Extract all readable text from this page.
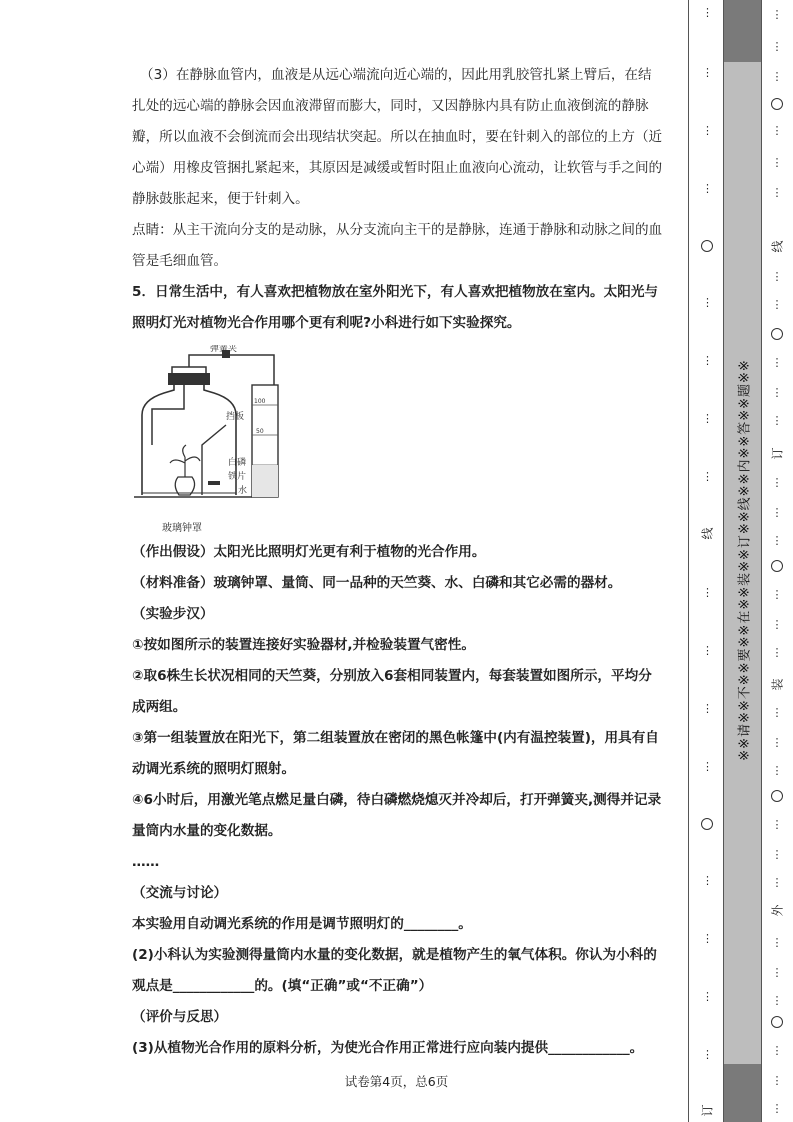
（3）在静脉血管内，血液是从远心端流向近心端的，因此用乳胶管扎紧上臂后，在结扎处的远心端的静脉会因血液滞留而膨大，同时，又因静脉内具有防止血液倒流的静脉瓣，所以血液不会倒流而会出现结状突起。所以在抽血时，要在针刺入的部位的上方（近心端）用橡皮管捆扎紧起来，其原因是减缓或暂时阻止血液向心流动，让软管与手之间的静脉鼓胀起来，便于针刺入。

点睛：从主干流向分支的是动脉，从分支流向主干的是静脉，连通于静脉和动脉之间的血管是毛细血管。

5．日常生活中，有人喜欢把植物放在室外阳光下，有人喜欢把植物放在室内。太阳光与照明灯光对植物光合作用哪个更有利呢?小科进行如下实验探究。

100
50
弹簧夹
挡板
白磷
铁片
水
玻璃钟罩

（作出假设）太阳光比照明灯光更有利于植物的光合作用。

（材料准备）玻璃钟罩、量筒、同一品种的天竺葵、水、白磷和其它必需的器材。

（实验步汉）

①按如图所示的装置连接好实验器材,并检验装置气密性。

②取6株生长状况相同的天竺葵，分别放入6套相同装置内，每套装置如图所示，平均分成两组。

③第一组装置放在阳光下，第二组装置放在密闭的黑色帐篷中(内有温控装置)，用具有自动调光系统的照明灯照射。

④6小时后，用激光笔点燃足量白磷，待白磷燃烧熄灭并冷却后，打开弹簧夹,测得并记录量筒内水量的变化数据。

……

（交流与讨论）

本实验用自动调光系统的作用是调节照明灯的________。

(2)小科认为实验测得量筒内水量的变化数据，就是植物产生的氧气体积。你认为小科的观点是____________的。(填“正确”或“不正确”）

（评价与反思）

(3)从植物光合作用的原料分析，为使光合作用正常进行应向装内提供____________。

试卷第4页，总6页
⋮
⋮
⋮
⋮
⋮
⋮
⋮
⋮
线
⋮
⋮
⋮
⋮
⋮
⋮
⋮
⋮
订
※※请※※不※※要※※在※※装※※订※※线※※内※※答※※题※※
⋮
⋮
⋮
⋮
⋮
⋮
线
⋮
⋮
⋮
⋮
⋮
订
⋮
⋮
⋮
⋮
⋮
⋮
装
⋮
⋮
⋮
⋮
⋮
⋮
外
⋮
⋮
⋮
⋮
⋮
⋮
